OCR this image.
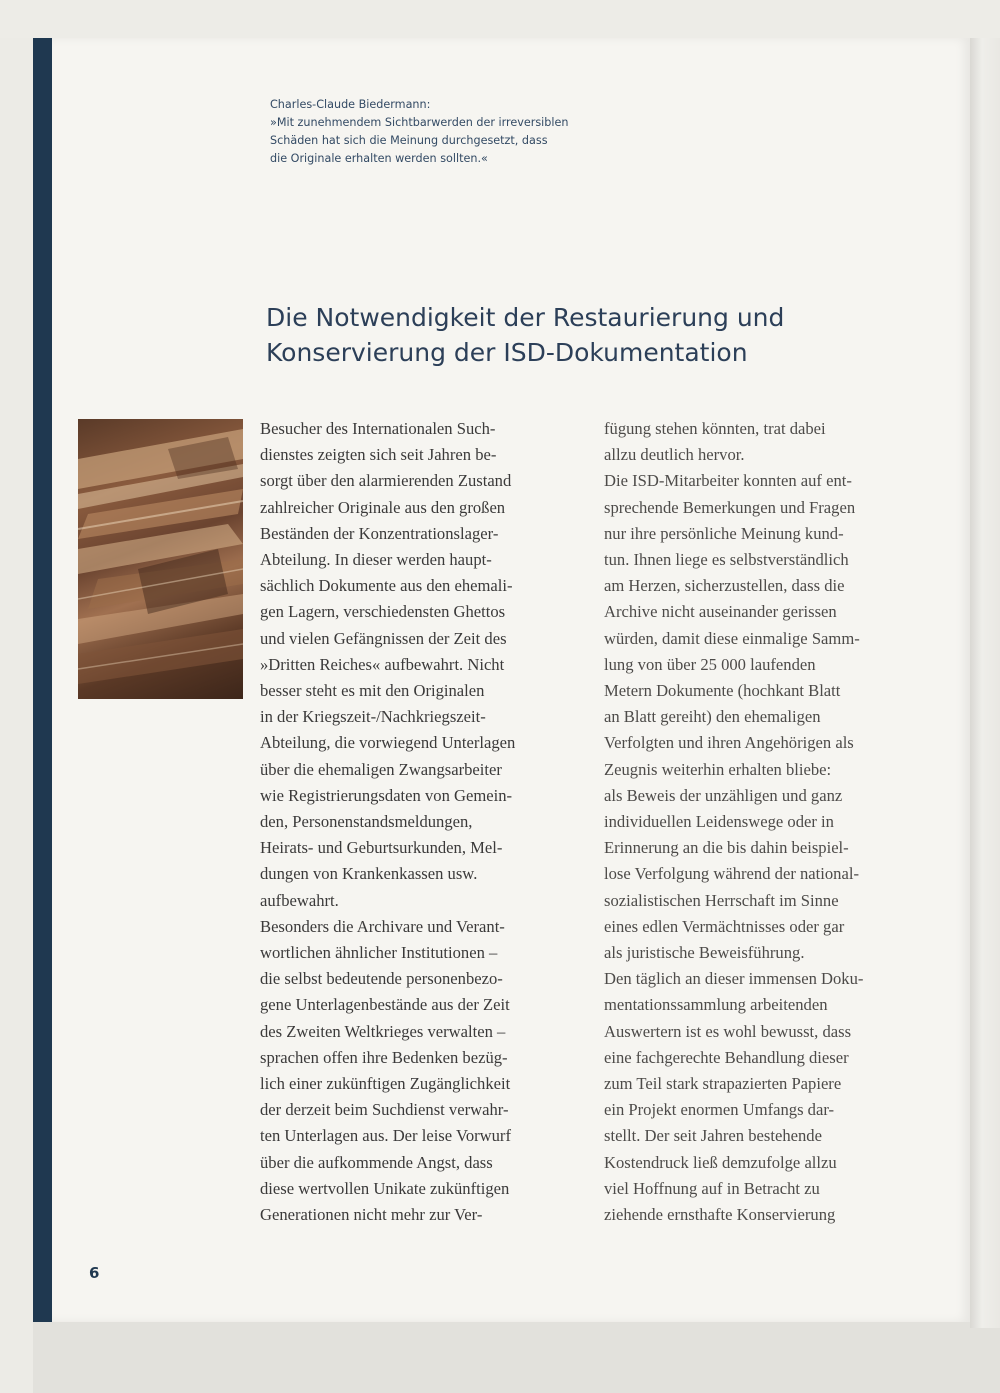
Charles-Claude Biedermann:

»Mit zunehmendem Sichtbarwerden der irreversiblen

Schäden hat sich die Meinung durchgesetzt, dass

die Originale erhalten werden sollten.«

Die Notwendigkeit der Restaurierung und
Konservierung der ISD-Dokumentation
Besucher des Internationalen Such-
dienstes zeigten sich seit Jahren be-
sorgt über den alarmierenden Zustand
zahlreicher Originale aus den großen
Beständen der Konzentrationslager-
Abteilung. In dieser werden haupt-
sächlich Dokumente aus den ehemali-
gen Lagern, verschiedensten Ghettos
und vielen Gefängnissen der Zeit des
»Dritten Reiches« aufbewahrt. Nicht
besser steht es mit den Originalen
in der Kriegszeit-/Nachkriegszeit-
Abteilung, die vorwiegend Unterlagen
über die ehemaligen Zwangsarbeiter
wie Registrierungsdaten von Gemein-
den, Personenstandsmeldungen,
Heirats- und Geburtsurkunden, Mel-
dungen von Krankenkassen usw.
aufbewahrt.
Besonders die Archivare und Verant-
wortlichen ähnlicher Institutionen –
die selbst bedeutende personenbezo-
gene Unterlagenbestände aus der Zeit
des Zweiten Weltkrieges verwalten –
sprachen offen ihre Bedenken bezüg-
lich einer zukünftigen Zugänglichkeit
der derzeit beim Suchdienst verwahr-
ten Unterlagen aus. Der leise Vorwurf
über die aufkommende Angst, dass
diese wertvollen Unikate zukünftigen
Generationen nicht mehr zur Ver-
fügung stehen könnten, trat dabei
allzu deutlich hervor.
Die ISD-Mitarbeiter konnten auf ent-
sprechende Bemerkungen und Fragen
nur ihre persönliche Meinung kund-
tun. Ihnen liege es selbstverständlich
am Herzen, sicherzustellen, dass die
Archive nicht auseinander gerissen
würden, damit diese einmalige Samm-
lung von über 25 000 laufenden
Metern Dokumente (hochkant Blatt
an Blatt gereiht) den ehemaligen
Verfolgten und ihren Angehörigen als
Zeugnis weiterhin erhalten bliebe:
als Beweis der unzähligen und ganz
individuellen Leidenswege oder in
Erinnerung an die bis dahin beispiel-
lose Verfolgung während der national-
sozialistischen Herrschaft im Sinne
eines edlen Vermächtnisses oder gar
als juristische Beweisführung.
Den täglich an dieser immensen Doku-
mentationssammlung arbeitenden
Auswertern ist es wohl bewusst, dass
eine fachgerechte Behandlung dieser
zum Teil stark strapazierten Papiere
ein Projekt enormen Umfangs dar-
stellt. Der seit Jahren bestehende
Kostendruck ließ demzufolge allzu
viel Hoffnung auf in Betracht zu
ziehende ernsthafte Konservierung
6
